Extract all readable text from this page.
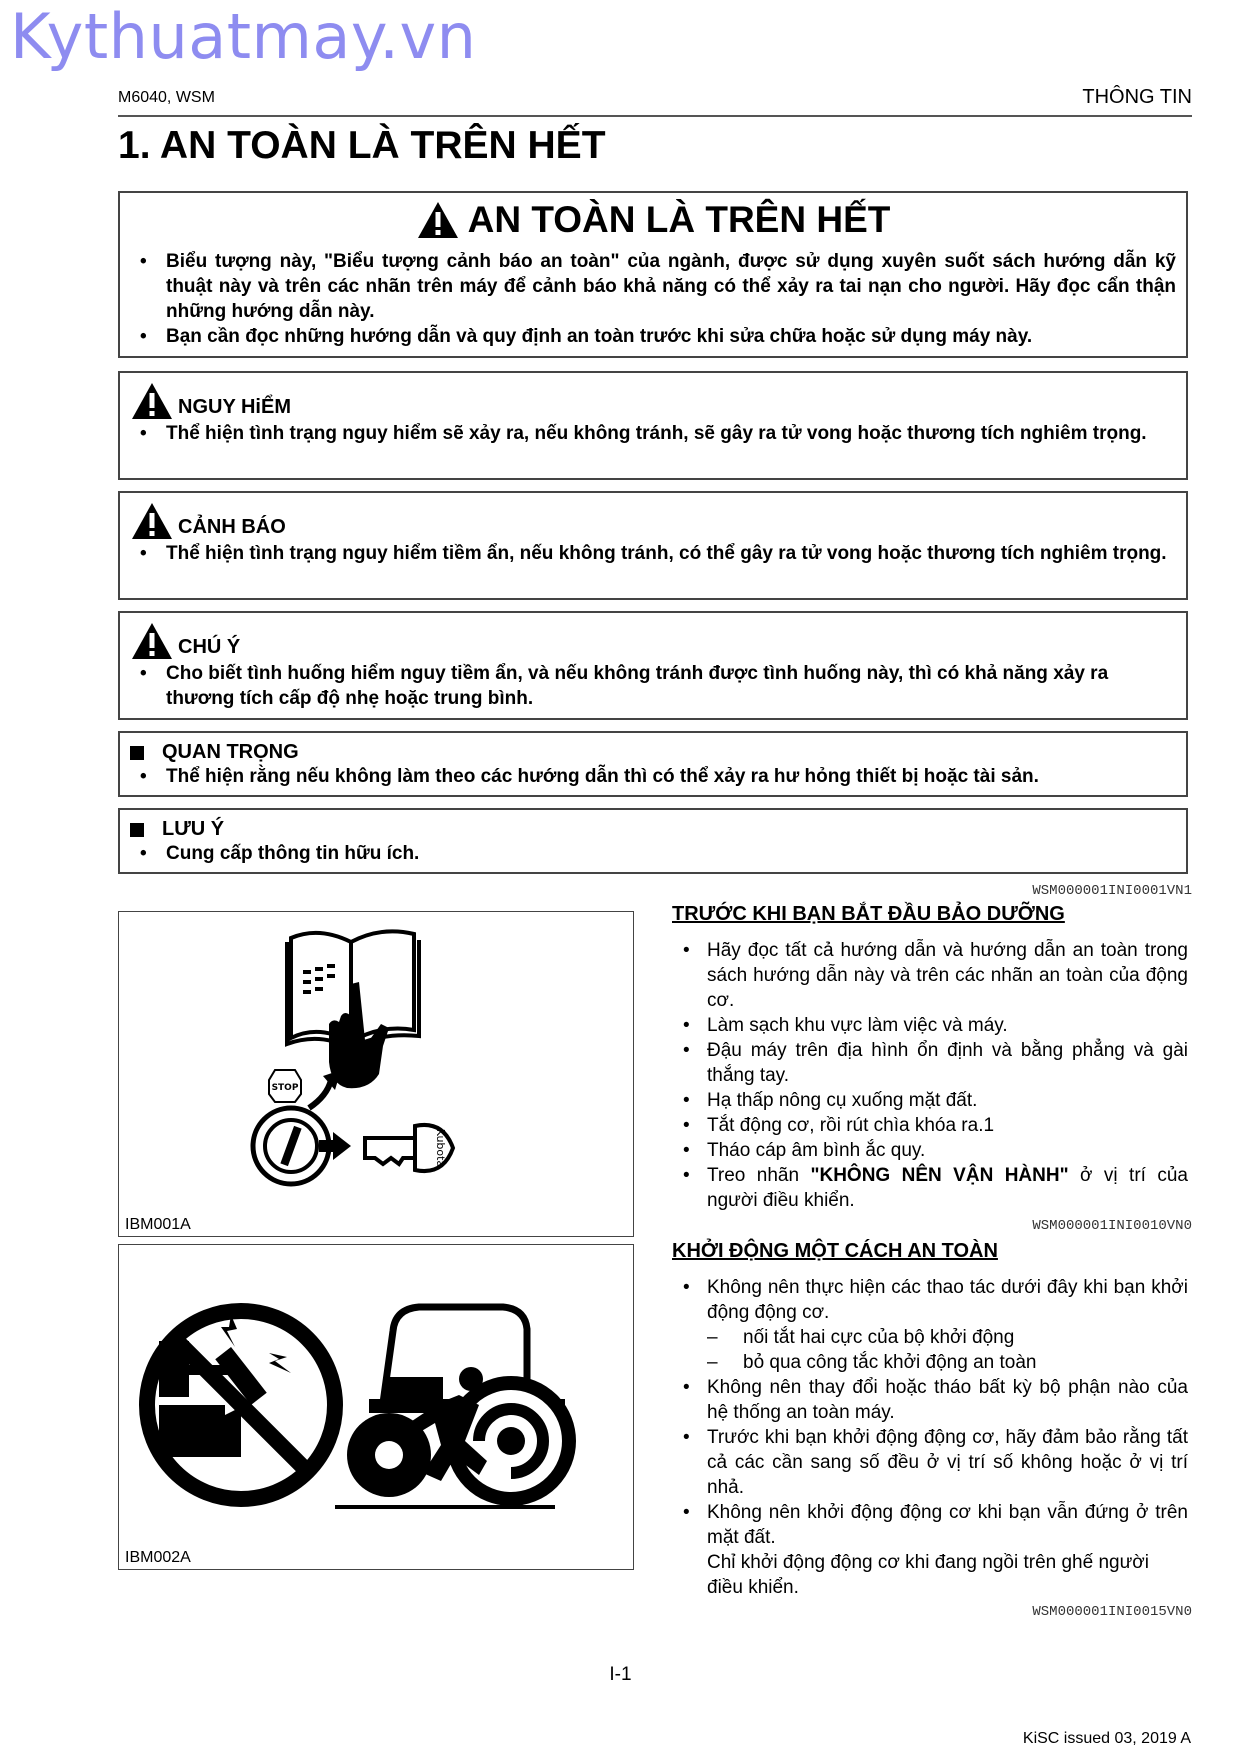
Kythuatmay.vn
M6040, WSM	THÔNG TIN
1. AN TOÀN LÀ TRÊN HẾT
AN TOÀN LÀ TRÊN HẾT
• Biểu tượng này, "Biểu tượng cảnh báo an toàn" của ngành, được sử dụng xuyên suốt sách hướng dẫn kỹ thuật này và trên các nhãn trên máy để cảnh báo khả năng có thể xảy ra tai nạn cho người. Hãy đọc cẩn thận những hướng dẫn này.
• Bạn cần đọc những hướng dẫn và quy định an toàn trước khi sửa chữa hoặc sử dụng máy này.
NGUY HiỂM
• Thể hiện tình trạng nguy hiểm sẽ xảy ra, nếu không tránh, sẽ gây ra tử vong hoặc thương tích nghiêm trọng.
CẢNH BÁO
• Thể hiện tình trạng nguy hiểm tiềm ẩn, nếu không tránh, có thể gây ra tử vong hoặc thương tích nghiêm trọng.
CHÚ Ý
• Cho biết tình huống hiểm nguy tiềm ẩn, và nếu không tránh được tình huống này, thì có khả năng xảy ra thương tích cấp độ nhẹ hoặc trung bình.
QUAN TRỌNG
• Thể hiện rằng nếu không làm theo các hướng dẫn thì có thể xảy ra hư hỏng thiết bị hoặc tài sản.
LƯU Ý
• Cung cấp thông tin hữu ích.
WSM000001INI0001VN1
STOP
Kubota
IBM001A
IBM002A
TRƯỚC KHI BẠN BẮT ĐẦU BẢO DƯỠNG
• Hãy đọc tất cả hướng dẫn và hướng dẫn an toàn trong sách hướng dẫn này và trên các nhãn an toàn của động cơ.
• Làm sạch khu vực làm việc và máy.
• Đậu máy trên địa hình ổn định và bằng phẳng và gài thắng tay.
• Hạ thấp nông cụ xuống mặt đất.
• Tắt động cơ, rồi rút chìa khóa ra.1
• Tháo cáp âm bình ắc quy.
• Treo nhãn "KHÔNG NÊN VẬN HÀNH" ở vị trí của người điều khiển.
WSM000001INI0010VN0
KHỞI ĐỘNG MỘT CÁCH AN TOÀN
• Không nên thực hiện các thao tác dưới đây khi bạn khởi động động cơ.
– nối tắt hai cực của bộ khởi động
– bỏ qua công tắc khởi động an toàn
• Không nên thay đổi hoặc tháo bất kỳ bộ phận nào của hệ thống an toàn máy.
• Trước khi bạn khởi động động cơ, hãy đảm bảo rằng tất cả các cần sang số đều ở vị trí số không hoặc ở vị trí nhả.
• Không nên khởi động động cơ khi bạn vẫn đứng ở trên mặt đất.
Chỉ khởi động động cơ khi đang ngồi trên ghế người điều khiển.
WSM000001INI0015VN0
I-1
KiSC issued 03, 2019 A
